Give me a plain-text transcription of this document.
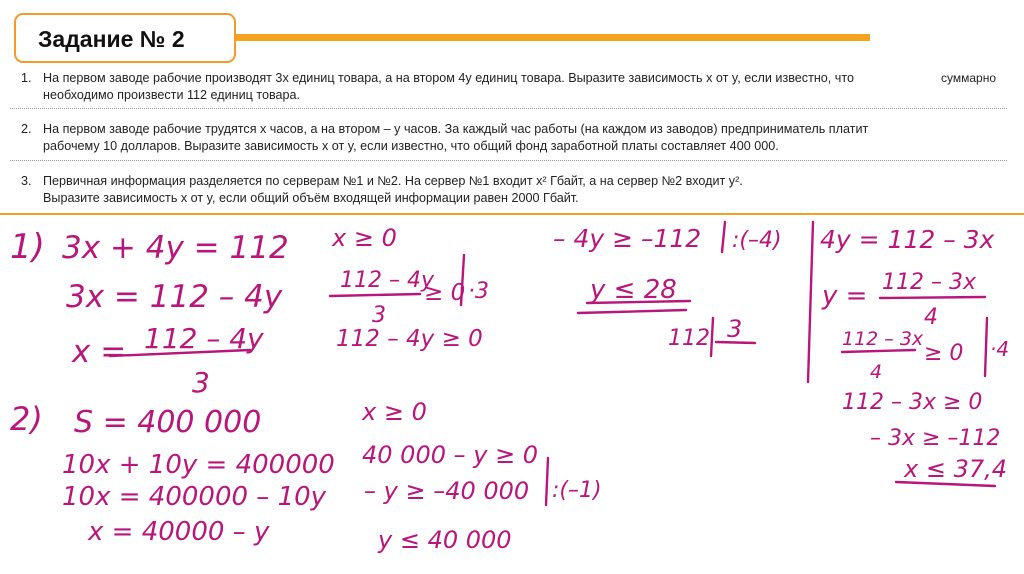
Задание № 2
1. На первом заводе рабочие производят 3x единиц товара, а на втором 4y единиц товара. Выразите зависимость x от y, если известно, что
необходимо произвести 112 единиц товара.
суммарно
2. На первом заводе рабочие трудятся x часов, а на втором – y часов. За каждый час работы (на каждом из заводов) предприниматель платит
рабочему 10 долларов. Выразите зависимость x от y, если известно, что общий фонд заработной платы составляет 400 000.
3. Первичная информация разделяется по серверам №1 и №2. На сервер №1 входит x² Гбайт, а на сервер №2 входит y².
Выразите зависимость x от y, если общий объём входящей информации равен 2000 Гбайт.
1) 3x + 4y = 112
3x = 112 – 4y
x = 112 – 4y
3
x ≥ 0
112 – 4y
3
≥ 0 ·3
112 – 4y ≥ 0
– 4y ≥ –112 :(–4)
y ≤ 28
112 3
4y = 112 – 3x
y = 112 – 3x
4
112 – 3x
4
≥ 0 ·4
112 – 3x ≥ 0
– 3x ≥ –112
x ≤ 37,4
2) S = 400 000
10x + 10y = 400000
10x = 400000 – 10y
x = 40000 – y
x ≥ 0
40 000 – y ≥ 0
– y ≥ –40 000 :(–1)
y ≤ 40 000
